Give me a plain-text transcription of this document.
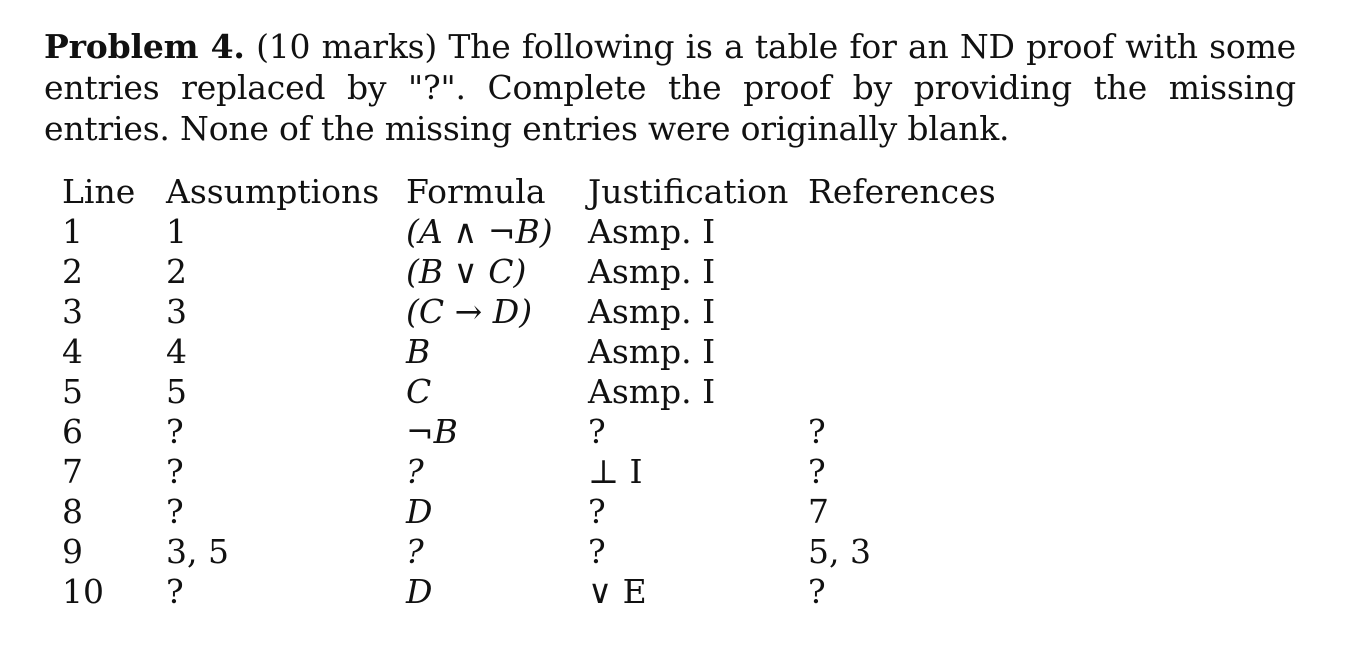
Problem 4. (10 marks) The following is a table for an ND proof with some entries replaced by "?". Complete the proof by providing the missing entries. None of the missing entries were originally blank.
Line	Assumptions	Formula	Justification	References
1	1	(A ∧ ¬B)	Asmp. I	
2	2	(B ∨ C)	Asmp. I	
3	3	(C → D)	Asmp. I	
4	4	B	Asmp. I	
5	5	C	Asmp. I	
6	?	¬B	?	?
7	?	?	⊥ I	?
8	?	D	?	7
9	3, 5	?	?	5, 3
10	?	D	∨ E	?
